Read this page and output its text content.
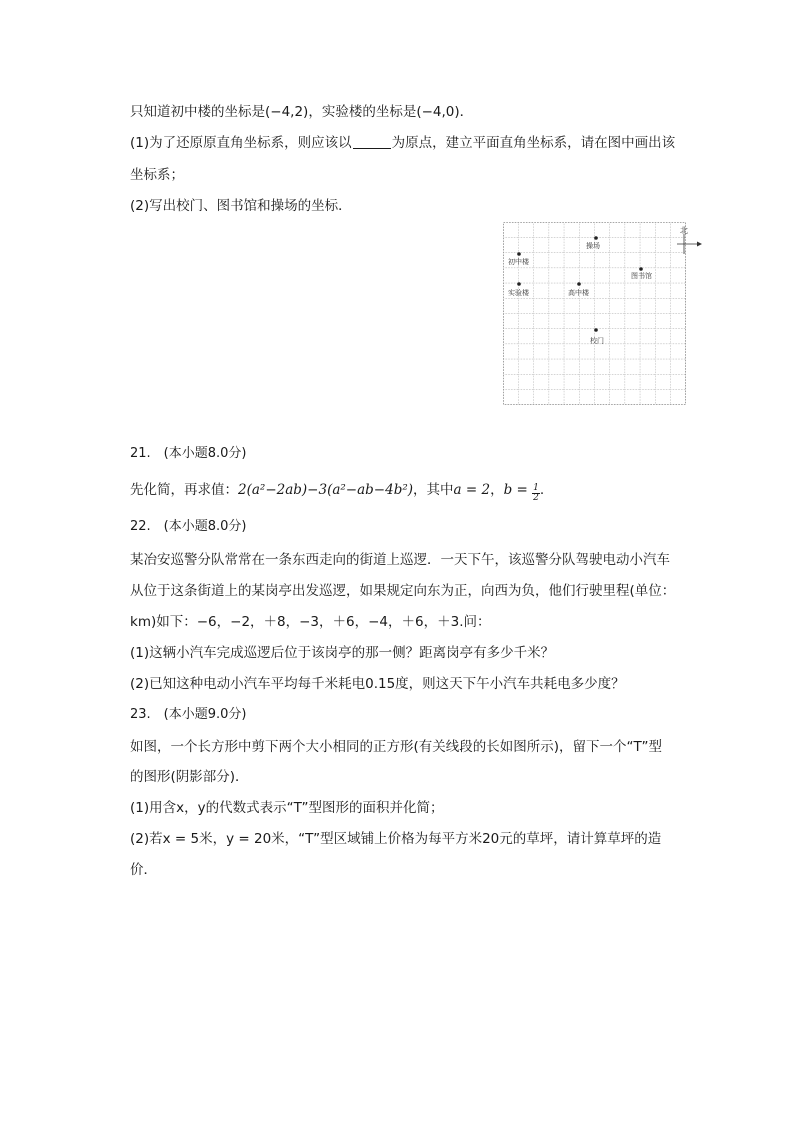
只知道初中楼的坐标是(−4,2)，实验楼的坐标是(−4,0)．
(1)为了还原原直角坐标系，则应该以	为原点，建立平面直角坐标系，请在图中画出该
坐标系；
(2)写出校门、图书馆和操场的坐标．
北
操场
初中楼
图书馆
实验楼	高中楼
校门
21.　(本小题8.0分)
先化简，再求值：2(a²−2ab)−3(a²−ab−4b²)，其中a = 2，$b = \frac{1}{2}$ .
22.　(本小题8.0分)
某冶安巡警分队常常在一条东西走向的街道上巡逻．一天下午，该巡警分队驾驶电动小汽车
从位于这条街道上的某岗亭出发巡逻，如果规定向东为正，向西为负，他们行驶里程(单位：
km)如下：−6，−2，＋8，−3，＋6，−4，＋6，＋3.问：
(1)这辆小汽车完成巡逻后位于该岗亭的那一侧？距离岗亭有多少千米？
(2)已知这种电动小汽车平均每千米耗电0.15度，则这天下午小汽车共耗电多少度？
23.　(本小题9.0分)
如图，一个长方形中剪下两个大小相同的正方形(有关线段的长如图所示)，留下一个“T”型
的图形(阴影部分)．
(1)用含x，y的代数式表示“T”型图形的面积并化简；
(2)若x = 5米，y = 20米，“T”型区域铺上价格为每平方米20元的草坪，请计算草坪的造
价．
